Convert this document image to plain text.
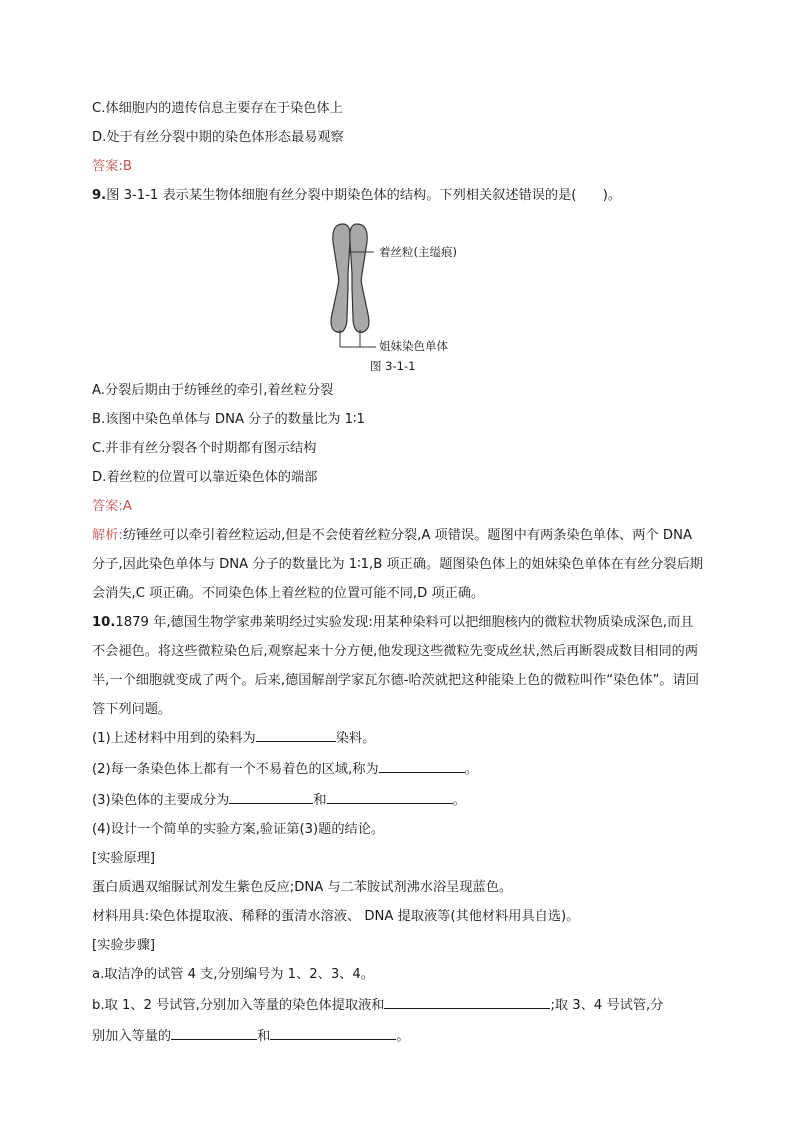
C.体细胞内的遗传信息主要存在于染色体上
D.处于有丝分裂中期的染色体形态最易观察
答案:B
9.图 3-1-1 表示某生物体细胞有丝分裂中期染色体的结构。下列相关叙述错误的是(　　)。
着丝粒(主缢痕)
姐妹染色单体
图 3-1-1
A.分裂后期由于纺锤丝的牵引,着丝粒分裂
B.该图中染色单体与 DNA 分子的数量比为 1∶1
C.并非有丝分裂各个时期都有图示结构
D.着丝粒的位置可以靠近染色体的端部
答案:A
解析:纺锤丝可以牵引着丝粒运动,但是不会使着丝粒分裂,A 项错误。题图中有两条染色单体、两个 DNA 分子,因此染色单体与 DNA 分子的数量比为 1∶1,B 项正确。题图染色体上的姐妹染色单体在有丝分裂后期会消失,C 项正确。不同染色体上着丝粒的位置可能不同,D 项正确。
10.1879 年,德国生物学家弗莱明经过实验发现:用某种染料可以把细胞核内的微粒状物质染成深色,而且不会褪色。将这些微粒染色后,观察起来十分方便,他发现这些微粒先变成丝状,然后再断裂成数目相同的两半,一个细胞就变成了两个。后来,德国解剖学家瓦尔德-哈茨就把这种能染上色的微粒叫作“染色体”。请回答下列问题。
(1)上述材料中用到的染料为	染料。
(2)每一条染色体上都有一个不易着色的区域,称为	。
(3)染色体的主要成分为	和	。
(4)设计一个简单的实验方案,验证第(3)题的结论。
[实验原理]
蛋白质遇双缩脲试剂发生紫色反应;DNA 与二苯胺试剂沸水浴呈现蓝色。
材料用具:染色体提取液、稀释的蛋清水溶液、 DNA 提取液等(其他材料用具自选)。
[实验步骤]
a.取洁净的试管 4 支,分别编号为 1、2、3、4。
b.取 1、2 号试管,分别加入等量的染色体提取液和	;取 3、4 号试管,分
别加入等量的	和	。
